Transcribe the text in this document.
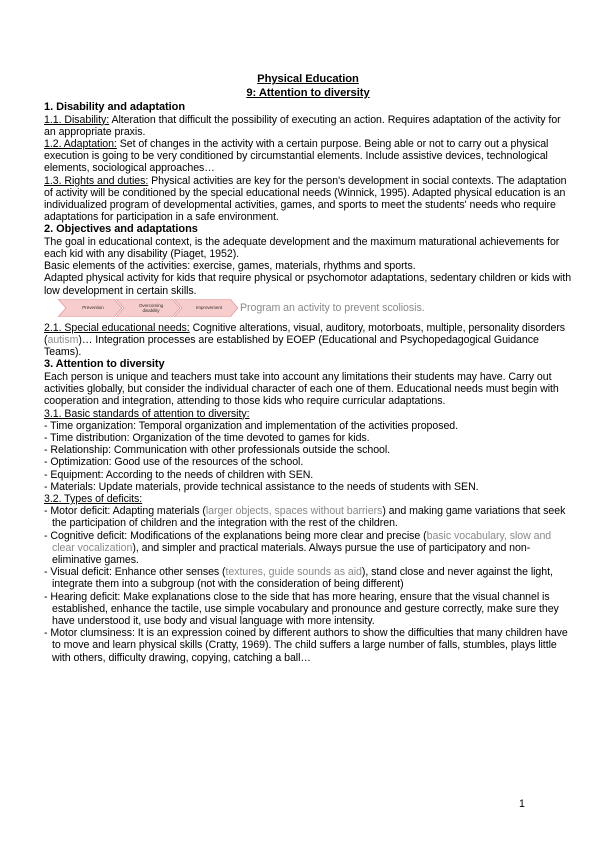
Physical Education

9: Attention to diversity

1. Disability and adaptation

1.1. Disability: Alteration that difficult the possibility of executing an action. Requires adaptation of the activity for an appropriate praxis.

1.2. Adaptation: Set of changes in the activity with a certain purpose. Being able or not to carry out a physical execution is going to be very conditioned by circumstantial elements. Include assistive devices, technological elements, sociological approaches…

1.3. Rights and duties: Physical activities are key for the person's development in social contexts. The adaptation of activity will be conditioned by the special educational needs (Winnick, 1995). Adapted physical education is an individualized program of developmental activities, games, and sports to meet the students' needs who require adaptations for participation in a safe environment.

2. Objectives and adaptations

The goal in educational context, is the adequate development and the maximum maturational achievements for each kid with any disability (Piaget, 1952).

Basic elements of the activities: exercise, games, materials, rhythms and sports.

Adapted physical activity for kids that require physical or psychomotor adaptations, sedentary children or kids with low development in certain skills.

Prevention	Overcoming disability	Improvement Program an activity to prevent scoliosis.

2.1. Special educational needs: Cognitive alterations, visual, auditory, motorboats, multiple, personality disorders (autism)… Integration processes are established by EOEP (Educational and Psychopedagogical Guidance Teams).

3. Attention to diversity

Each person is unique and teachers must take into account any limitations their students may have. Carry out activities globally, but consider the individual character of each one of them. Educational needs must begin with cooperation and integration, attending to those kids who require curricular adaptations.

3.1. Basic standards of attention to diversity:

- Time organization: Temporal organization and implementation of the activities proposed.

- Time distribution: Organization of the time devoted to games for kids.

- Relationship: Communication with other professionals outside the school.

- Optimization: Good use of the resources of the school.

- Equipment: According to the needs of children with SEN.

- Materials: Update materials, provide technical assistance to the needs of students with SEN.

3.2. Types of deficits:

- Motor deficit: Adapting materials (larger objects, spaces without barriers) and making game variations that seek the participation of children and the integration with the rest of the children.

- Cognitive deficit: Modifications of the explanations being more clear and precise (basic vocabulary, slow and clear vocalization), and simpler and practical materials. Always pursue the use of participatory and non-eliminative games.

- Visual deficit: Enhance other senses (textures, guide sounds as aid), stand close and never against the light, integrate them into a subgroup (not with the consideration of being different)

- Hearing deficit: Make explanations close to the side that has more hearing, ensure that the visual channel is established, enhance the tactile, use simple vocabulary and pronounce and gesture correctly, make sure they have understood it, use body and visual language with more intensity.

- Motor clumsiness: It is an expression coined by different authors to show the difficulties that many children have to move and learn physical skills (Cratty, 1969). The child suffers a large number of falls, stumbles, plays little with others, difficulty drawing, copying, catching a ball…

1
